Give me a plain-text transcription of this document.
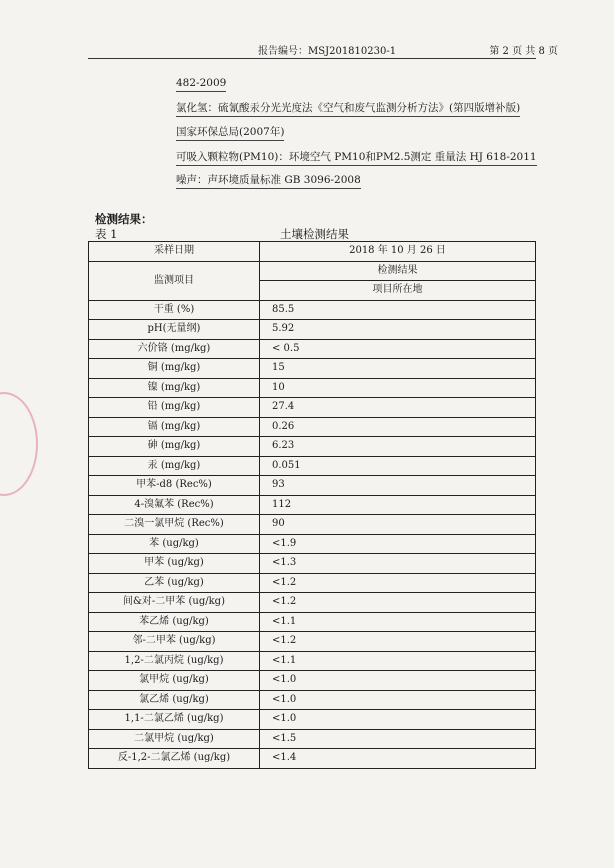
报告编号：MSJ201810230-1	第 2 页 共 8 页
482-2009
氯化氢：硫氰酸汞分光光度法《空气和废气监测分析方法》(第四版增补版)
国家环保总局(2007年)
可吸入颗粒物(PM10)：环境空气 PM10和PM2.5测定 重量法 HJ 618-2011
噪声：声环境质量标准 GB 3096-2008
检测结果：
表 1	土壤检测结果
采样日期	2018 年 10 月 26 日
监测项目	检测结果
	项目所在地
干重 (%)	85.5
pH(无量纲)	5.92
六价铬 (mg/kg)	< 0.5
铜 (mg/kg)	15
镍 (mg/kg)	10
铅 (mg/kg)	27.4
镉 (mg/kg)	0.26
砷 (mg/kg)	6.23
汞 (mg/kg)	0.051
甲苯-d8 (Rec%)	93
4-溴氟苯 (Rec%)	112
二溴一氯甲烷 (Rec%)	90
苯 (ug/kg)	<1.9
甲苯 (ug/kg)	<1.3
乙苯 (ug/kg)	<1.2
间&对-二甲苯 (ug/kg)	<1.2
苯乙烯 (ug/kg)	<1.1
邻-二甲苯 (ug/kg)	<1.2
1,2-二氯丙烷 (ug/kg)	<1.1
氯甲烷 (ug/kg)	<1.0
氯乙烯 (ug/kg)	<1.0
1,1-二氯乙烯 (ug/kg)	<1.0
二氯甲烷 (ug/kg)	<1.5
反-1,2-二氯乙烯 (ug/kg)	<1.4
